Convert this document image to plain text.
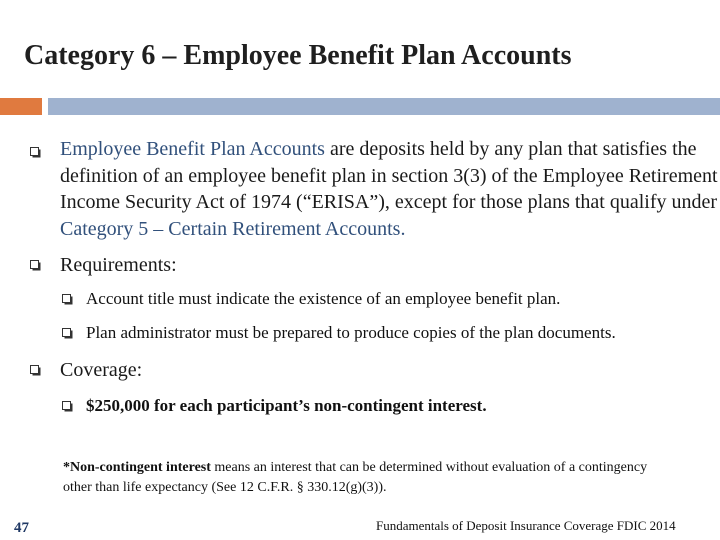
Category 6 – Employee Benefit Plan Accounts
Employee Benefit Plan Accounts are deposits held by any plan that satisfies the definition of an employee benefit plan in section 3(3) of the Employee Retirement Income Security Act of 1974 (“ERISA”), except for those plans that qualify under Category 5 – Certain Retirement Accounts.
Requirements:
Account title must indicate the existence of an employee benefit plan.
Plan administrator must be prepared to produce copies of the plan documents.
Coverage:
$250,000 for each participant’s non-contingent interest.
*Non-contingent interest means an interest that can be determined without evaluation of a contingency other than life expectancy (See 12 C.F.R. § 330.12(g)(3)).
47	Fundamentals of Deposit Insurance Coverage FDIC 2014
